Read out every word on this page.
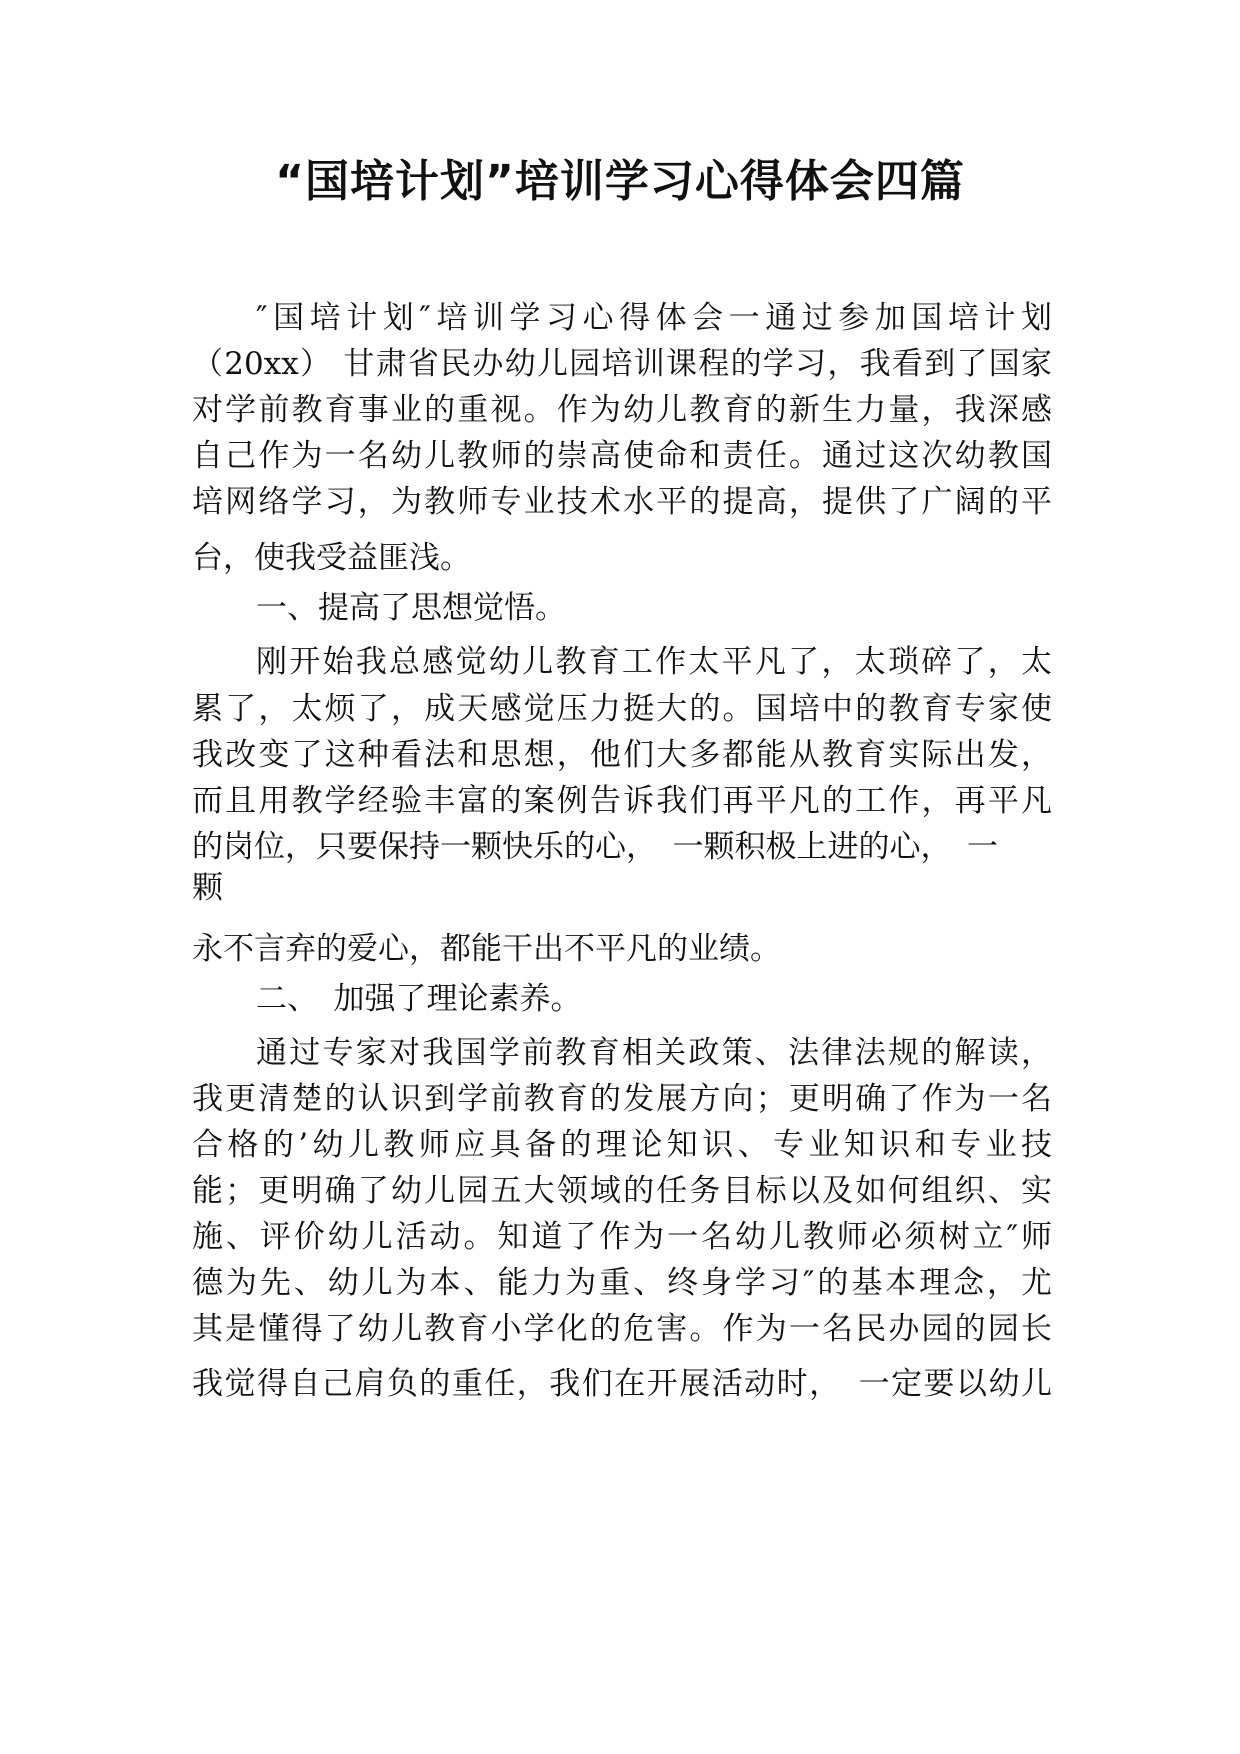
“国培计划”培训学习心得体会四篇

″国培计划″培训学习心得体会一通过参加国培计划

（20xx） 甘肃省民办幼儿园培训课程的学习，我看到了国家

对学前教育事业的重视。作为幼儿教育的新生力量，我深感

自己作为一名幼儿教师的崇高使命和责任。通过这次幼教国

培网络学习，为教师专业技术水平的提高，提供了广阔的平

台，使我受益匪浅。

一、提高了思想觉悟。

刚开始我总感觉幼儿教育工作太平凡了，太琐碎了，太

累了，太烦了，成天感觉压力挺大的。国培中的教育专家使

我改变了这种看法和思想，他们大多都能从教育实际出发，

而且用教学经验丰富的案例告诉我们再平凡的工作，再平凡

的岗位，只要保持一颗快乐的心，　一颗积极上进的心，　一

颗

永不言弃的爱心，都能干出不平凡的业绩。

二、　加强了理论素养。

通过专家对我国学前教育相关政策、法律法规的解读，

我更清楚的认识到学前教育的发展方向；更明确了作为一名

合格的’幼儿教师应具备的理论知识、专业知识和专业技

能；更明确了幼儿园五大领域的任务目标以及如何组织、实

施、评价幼儿活动。知道了作为一名幼儿教师必须树立″师

德为先、幼儿为本、能力为重、终身学习″的基本理念，尤

其是懂得了幼儿教育小学化的危害。作为一名民办园的园长

我觉得自己肩负的重任，我们在开展活动时，　一定要以幼儿
